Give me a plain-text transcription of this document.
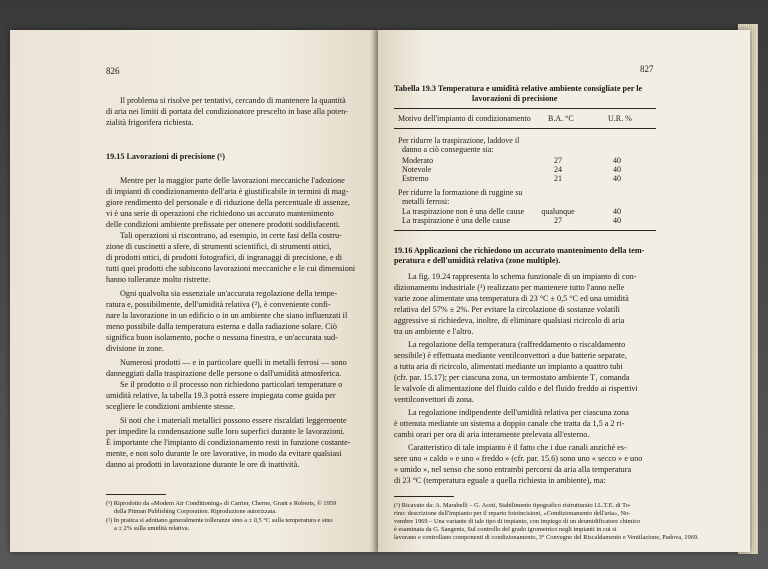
826
Il problema si risolve per tentativi, cercando di mantenere la quantità
di aria nei limiti di portata del condizionatore prescelto in base alla poten-
zialità frigorifera richiesta.
19.15 Lavorazioni di precisione (¹)
Mentre per la maggior parte delle lavorazioni meccaniche l'adozione
di impianti di condizionamento dell'aria è giustificabile in termini di mag-
giore rendimento del personale e di riduzione della percentuale di assenze,
vi è una serie di operazioni che richiedono un accurato mantenimento
delle condizioni ambiente prefissate per ottenere prodotti soddisfacenti.
Tali operazioni si riscontrano, ad esempio, in certe fasi della costru-
zione di cuscinetti a sfere, di strumenti scientifici, di strumenti ottici,
di prodotti ottici, di prodotti fotografici, di ingranaggi di precisione, e di
tutti quei prodotti che subiscono lavorazioni meccaniche e le cui dimensioni
hanno tolleranze molto ristrette.
Ogni qualvolta sia essenziale un'accurata regolazione della tempe-
ratura e, possibilmente, dell'umidità relativa (²), è conveniente confi-
nare la lavorazione in un edificio o in un ambiente che siano influenzati il
meno possibile dalla temperatura esterna e dalla radiazione solare. Ciò
significa buon isolamento, poche o nessuna finestra, e un'accurata sud-
divisione in zone.
Numerosi prodotti — e in particolare quelli in metalli ferrosi — sono
danneggiati dalla traspirazione delle persone o dall'umidità atmosferica.
Se il prodotto o il processo non richiedono particolari temperature o
umidità relative, la tabella 19.3 potrà essere impiegata come guida per
scegliere le condizioni ambiente stesse.
Si noti che i materiali metallici possono essere riscaldati leggermente
per impedire la condensazione sulle loro superfici durante le lavorazioni.
È importante che l'impianto di condizionamento resti in funzione costante-
mente, e non solo durante le ore lavorative, in modo da evitare qualsiasi
danno ai prodotti in lavorazione durante le ore di inattività.
(¹) Riprodotto da «Modern Air Conditioning» di Carrier, Cherne, Grant e Roberts, © 1959
della Pitman Publishing Corporation. Riproduzione autorizzata.
(²) In pratica si adottano generalmente tolleranze sino a ± 0,5 °C sulla temperatura e sino
a ± 2% sulla umidità relativa.
827
Tabella 19.3 Temperatura e umidità relative ambiente consigliate per le
lavorazioni di precisione
Motivo dell'impianto di condizionamento B.A. °C	U.R. %
Per ridurre la traspirazione, laddove il
danno a ciò conseguente sia:
Moderato	27	40
Notevole	24	40
Estremo	21	40
Per ridurre la formazione di ruggine su
metalli ferrosi:
La traspirazione non è una delle cause	qualunque	40
La traspirazione è una delle cause	27	40
19.16 Applicazioni che richiedono un accurato mantenimento della tem-
peratura e dell'umidità relativa (zone multiple).
La fig. 19.24 rappresenta lo schema funzionale di un impianto di con-
dizionamento industriale (¹) realizzato per mantenere tutto l'anno nelle
varie zone alimentate una temperatura di 23 °C ± 0,5 °C ed una umidità
relativa del 57% ± 2%. Per evitare la circolazione di sostanze volatili
aggressive si richiedeva, inoltre, di eliminare qualsiasi ricircolo di aria
tra un ambiente e l'altro.
La regolazione della temperatura (raffreddamento o riscaldamento
sensibile) è effettuata mediante ventilconvettori a due batterie separate,
a tutta aria di ricircolo, alimentati mediante un impianto a quattro tubi
(cfr. par. 15.17); per ciascuna zona, un termostato ambiente T₁ comanda
le valvole di alimentazione del fluido caldo e del fluido freddo ai rispettivi
ventilconvettori di zona.
La regolazione indipendente dell'umidità relativa per ciascuna zona
è ottenuta mediante un sistema a doppio canale che tratta da 1,5 a 2 ri-
cambi orari per ora di aria interamente prelevata all'esterno.
Caratteristico di tale impianto è il fatto che i due canali anziché es-
sere uno « caldo » e uno « freddo » (cfr. par. 15.6) sono uno « secco » e uno
« umido », nel senso che sono entrambi percorsi da aria alla temperatura
di 23 °C (temperatura eguale a quella richiesta in ambiente), ma:
(¹) Ricavato da: A. Marabelli – G. Aceti, Stabilimento tipografico ristrutturato I.L.T.E. di To-
rino: descrizione dell'impianto per il reparto fotoincisioni, «Condizionamento dell'aria», No-
vembre 1969 – Una variante di tale tipo di impianto, con impiego di un deumidificatore chimico
è esaminata da G. Sangenis, Sul controllo del grado igrometrico negli impianti in cui si
lavorano e controllano componenti di condizionamento, 3° Convegno del Riscaldamento e Ventilazione, Padova, 1969.
